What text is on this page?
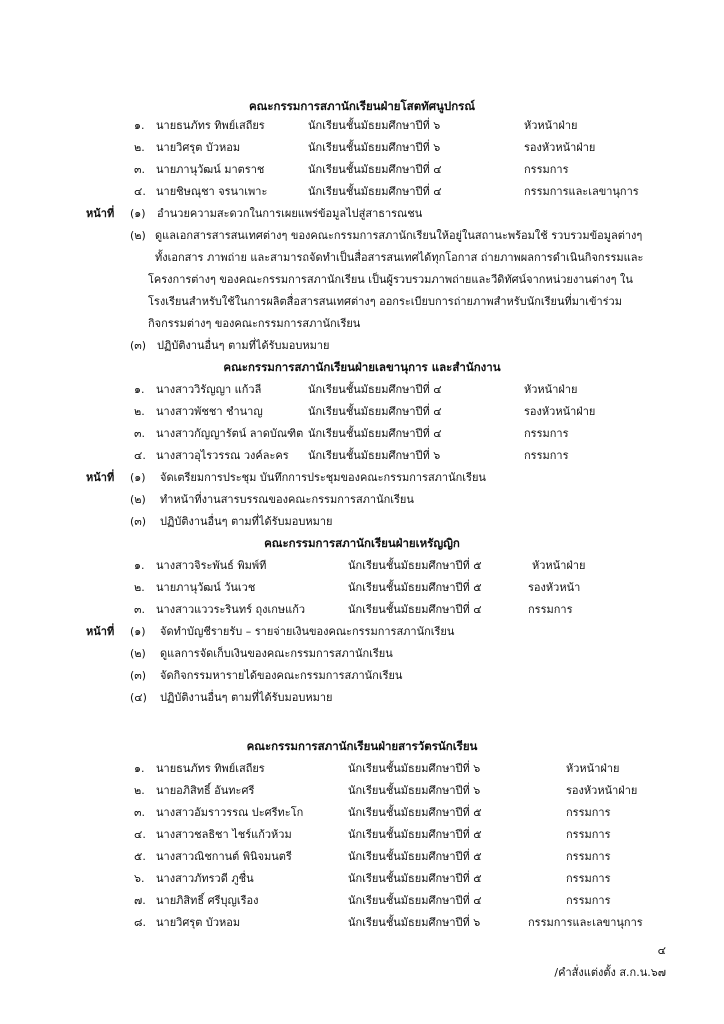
คณะกรรมการสภานักเรียนฝ่ายโสตทัศนูปกรณ์
๑. นายธนภัทร ทิพย์เสถียร	นักเรียนชั้นมัธยมศึกษาปีที่ ๖	หัวหน้าฝ่าย
๒. นายวิศรุต บัวหอม	นักเรียนชั้นมัธยมศึกษาปีที่ ๖	รองหัวหน้าฝ่าย
๓. นายภานุวัฒน์ มาตราช	นักเรียนชั้นมัธยมศึกษาปีที่ ๔	กรรมการ
๔. นายชิษณุชา จรนาเพาะ	นักเรียนชั้นมัธยมศึกษาปีที่ ๔	กรรมการและเลขานุการ
หน้าที่ (๑) อำนวยความสะดวกในการเผยแพร่ข้อมูลไปสู่สาธารณชน
(๒) ดูแลเอกสารสารสนเทศต่างๆ ของคณะกรรมการสภานักเรียนให้อยู่ในสถานะพร้อมใช้ รวบรวมข้อมูลต่างๆ
ทั้งเอกสาร ภาพถ่าย และสามารถจัดทำเป็นสื่อสารสนเทศได้ทุกโอกาส ถ่ายภาพผลการดำเนินกิจกรรมและ
โครงการต่างๆ ของคณะกรรมการสภานักเรียน เป็นผู้รวบรวมภาพถ่ายและวีดิทัศน์จากหน่วยงานต่างๆ ใน
โรงเรียนสำหรับใช้ในการผลิตสื่อสารสนเทศต่างๆ ออกระเบียบการถ่ายภาพสำหรับนักเรียนที่มาเข้าร่วม
กิจกรรมต่างๆ ของคณะกรรมการสภานักเรียน
(๓) ปฏิบัติงานอื่นๆ ตามที่ได้รับมอบหมาย
คณะกรรมการสภานักเรียนฝ่ายเลขานุการ และสำนักงาน
๑. นางสาววิรัญญา แก้วลี	นักเรียนชั้นมัธยมศึกษาปีที่ ๔	หัวหน้าฝ่าย
๒. นางสาวพัชชา ชำนาญ	นักเรียนชั้นมัธยมศึกษาปีที่ ๔	รองหัวหน้าฝ่าย
๓. นางสาวกัญญารัตน์ ลาดบัณฑิต นักเรียนชั้นมัธยมศึกษาปีที่ ๔	กรรมการ
๔. นางสาวอุไรวรรณ วงค์ละคร นักเรียนชั้นมัธยมศึกษาปีที่ ๖	กรรมการ
หน้าที่ (๑) จัดเตรียมการประชุม บันทึกการประชุมของคณะกรรมการสภานักเรียน
(๒) ทำหน้าที่งานสารบรรณของคณะกรรมการสภานักเรียน
(๓) ปฏิบัติงานอื่นๆ ตามที่ได้รับมอบหมาย
คณะกรรมการสภานักเรียนฝ่ายเหรัญญิก
๑. นางสาวจิระพันธ์ พิมพ์ที	นักเรียนชั้นมัธยมศึกษาปีที่ ๕	หัวหน้าฝ่าย
๒. นายภานุวัฒน์ วันเวช	นักเรียนชั้นมัธยมศึกษาปีที่ ๕	รองหัวหน้า
๓. นางสาวแววระรินทร์ ถุงเกษแก้ว	นักเรียนชั้นมัธยมศึกษาปีที่ ๔	กรรมการ
หน้าที่ (๑) จัดทำบัญชีรายรับ – รายจ่ายเงินของคณะกรรมการสภานักเรียน
(๒) ดูแลการจัดเก็บเงินของคณะกรรมการสภานักเรียน
(๓) จัดกิจกรรมหารายได้ของคณะกรรมการสภานักเรียน
(๔) ปฏิบัติงานอื่นๆ ตามที่ได้รับมอบหมาย
คณะกรรมการสภานักเรียนฝ่ายสารวัตรนักเรียน
๑. นายธนภัทร ทิพย์เสถียร	นักเรียนชั้นมัธยมศึกษาปีที่ ๖	หัวหน้าฝ่าย
๒. นายอภิสิทธิ์ อันทะศรี	นักเรียนชั้นมัธยมศึกษาปีที่ ๖	รองหัวหน้าฝ่าย
๓. นางสาวอัมราวรรณ ปะศรีทะโก	นักเรียนชั้นมัธยมศึกษาปีที่ ๕	กรรมการ
๔. นางสาวชลธิชา ไชร์แก้วห้วม	นักเรียนชั้นมัธยมศึกษาปีที่ ๕	กรรมการ
๕. นางสาวณิชกานต์ พินิจมนตรี	นักเรียนชั้นมัธยมศึกษาปีที่ ๕	กรรมการ
๖. นางสาวภัทรวดี ภูชื่น	นักเรียนชั้นมัธยมศึกษาปีที่ ๕	กรรมการ
๗. นายภิสิทธิ์ ศรีบุญเรือง	นักเรียนชั้นมัธยมศึกษาปีที่ ๔	กรรมการ
๘. นายวิศรุต บัวหอม	นักเรียนชั้นมัธยมศึกษาปีที่ ๖	กรรมการและเลขานุการ
๔
/คำสั่งแต่งตั้ง ส.ก.น.๖๗
